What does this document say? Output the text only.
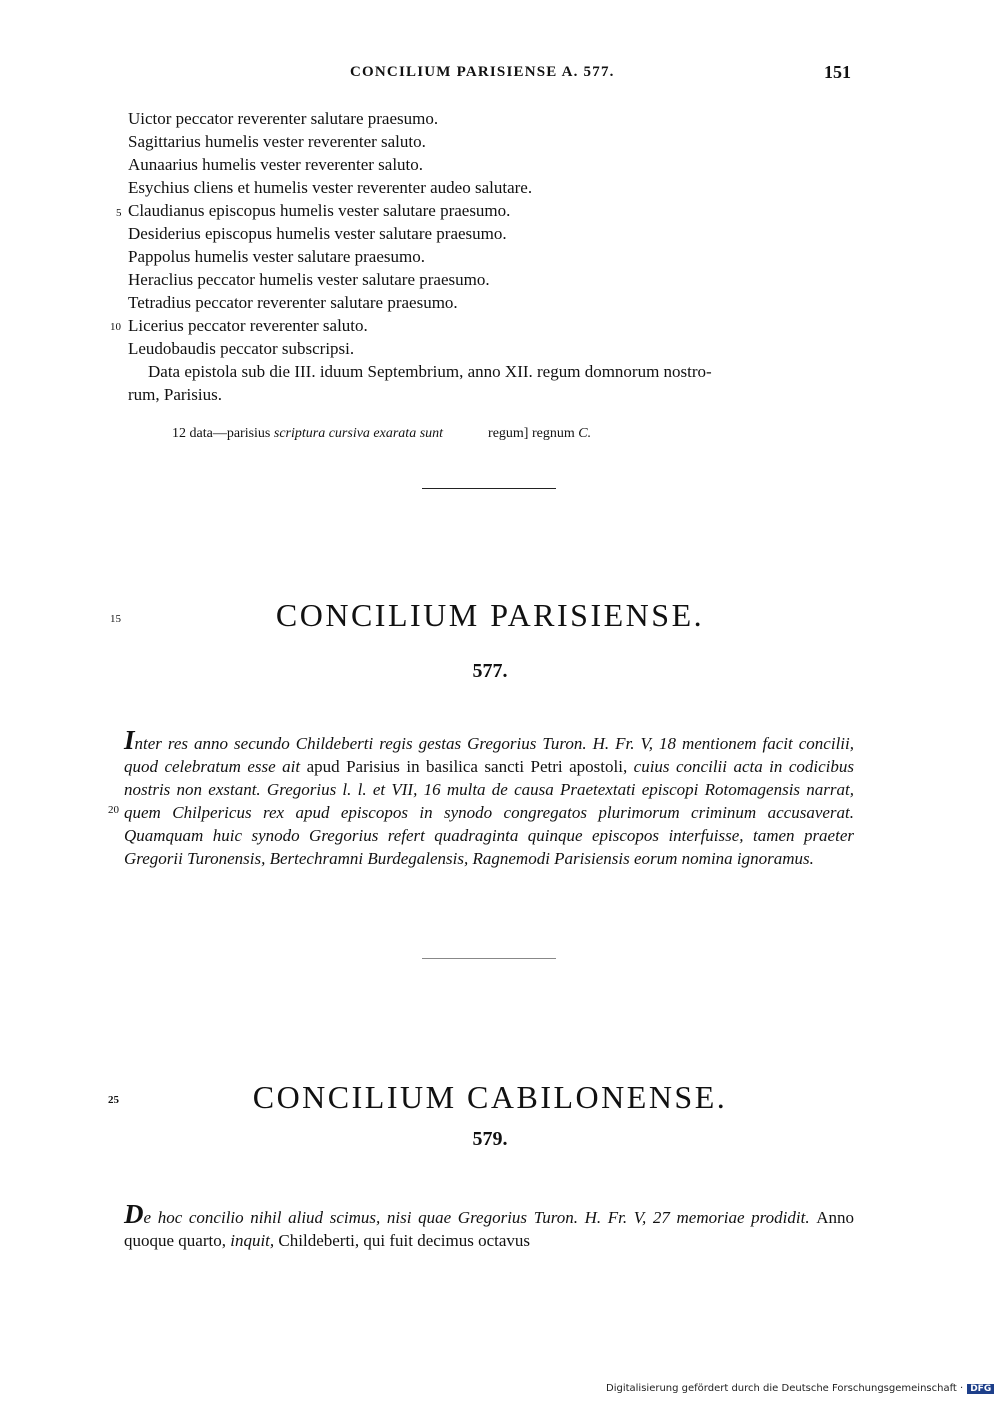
CONCILIUM PARISIENSE A. 577.	151
Uictor peccator reverenter salutare praesumo.
Sagittarius humelis vester reverenter saluto.
Aunaarius humelis vester reverenter saluto.
Esychius cliens et humelis vester reverenter audeo salutare.
Claudianus episcopus humelis vester salutare praesumo.
Desiderius episcopus humelis vester salutare praesumo.
Pappolus humelis vester salutare praesumo.
Heraclius peccator humelis vester salutare praesumo.
Tetradius peccator reverenter salutare praesumo.
Licerius peccator reverenter saluto.
Leudobaudis peccator subscripsi.
5
10
Data epistola sub die III. iduum Septembrium, anno XII. regum domnorum nostro-
rum, Parisius.
12 data—parisius scriptura cursiva exarata sunt	regum] regnum C.
15	CONCILIUM PARISIENSE.
577.
Inter res anno secundo Childeberti regis gestas Gregorius Turon. H. Fr. V, 18 mentionem facit concilii, quod celebratum esse ait apud Parisius in basilica sancti Petri apostoli, cuius concilii acta in codicibus nostris non exstant. Gregorius l. l. et VII, 16 multa de causa Praetextati episcopi Rotomagensis narrat, quem Chilpericus rex apud episcopos in synodo congregatos plurimorum criminum accusaverat. Quamquam huic synodo Gregorius refert quadraginta quinque episcopos interfuisse, tamen praeter Gregorii Turonensis, Bertechramni Burdegalensis, Ragnemodi Parisiensis eorum nomina ignoramus.
20
25	CONCILIUM CABILONENSE.
579.
De hoc concilio nihil aliud scimus, nisi quae Gregorius Turon. H. Fr. V, 27 memoriae prodidit. Anno quoque quarto, inquit, Childeberti, qui fuit decimus octavus
Digitalisierung gefördert durch die Deutsche Forschungsgemeinschaft · DFG
